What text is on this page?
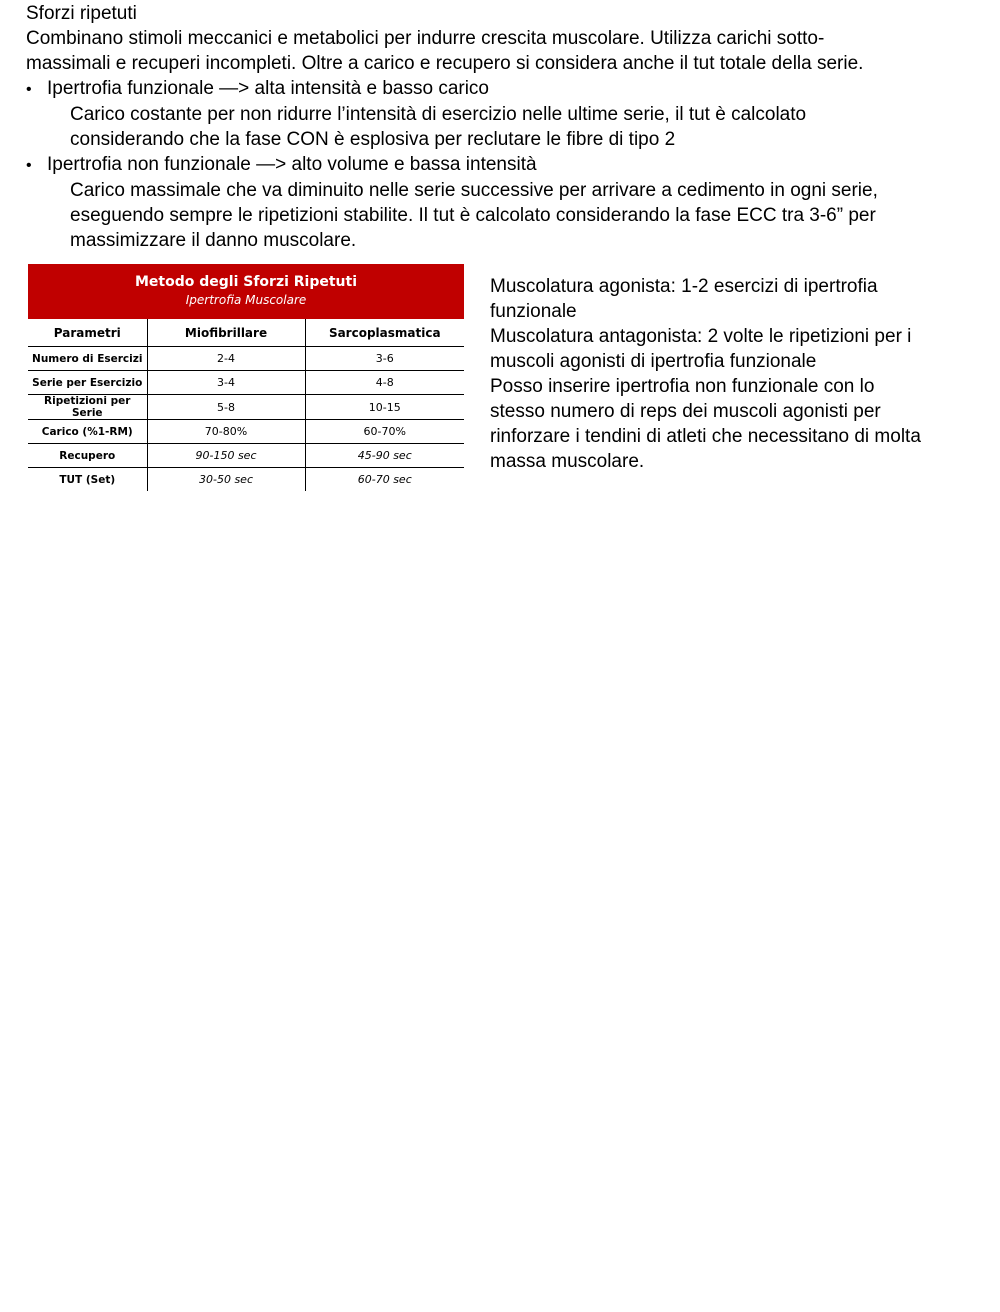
Sforzi ripetuti
Combinano stimoli meccanici e metabolici per indurre crescita muscolare. Utilizza carichi sotto-
massimali e recuperi incompleti. Oltre a carico e recupero si considera anche il tut totale della serie.
• Ipertrofia funzionale —> alta intensità e basso carico
Carico costante per non ridurre l’intensità di esercizio nelle ultime serie, il tut è calcolato
considerando che la fase CON è esplosiva per reclutare le fibre di tipo 2
• Ipertrofia non funzionale —> alto volume e bassa intensità
Carico massimale che va diminuito nelle serie successive per arrivare a cedimento in ogni serie,
eseguendo sempre le ripetizioni stabilite. Il tut è calcolato considerando la fase ECC tra 3-6” per
massimizzare il danno muscolare.
Metodo degli Sforzi Ripetuti
Ipertrofia Muscolare
Parametri	Miofibrillare	Sarcoplasmatica
Numero di Esercizi	2-4	3-6
Serie per Esercizio	3-4	4-8
Ripetizioni per Serie	5-8	10-15
Carico (%1-RM)	70-80%	60-70%
Recupero	90-150 sec	45-90 sec
TUT (Set)	30-50 sec	60-70 sec
Muscolatura agonista: 1-2 esercizi di ipertrofia
funzionale
Muscolatura antagonista: 2 volte le ripetizioni per i
muscoli agonisti di ipertrofia funzionale
Posso inserire ipertrofia non funzionale con lo
stesso numero di reps dei muscoli agonisti per
rinforzare i tendini di atleti che necessitano di molta
massa muscolare.
